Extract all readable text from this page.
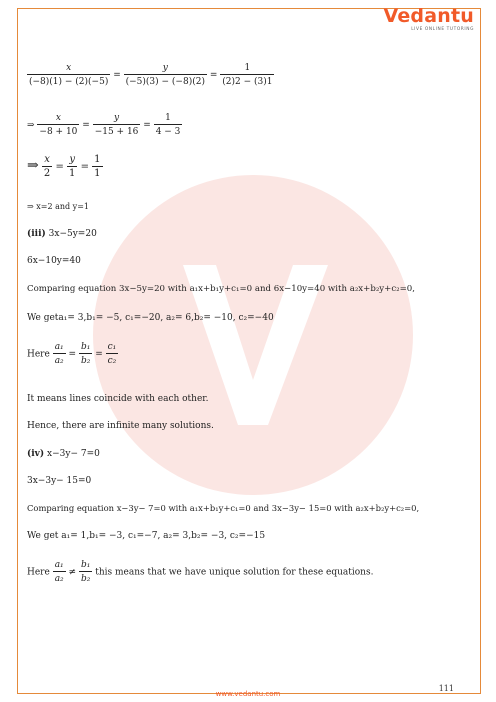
Vedantu
LIVE ONLINE TUTORING
$\frac{x}{(-8)(1) - (2)(-5)} = \frac{y}{(-5)(3) - (-8)(2)} = \frac{1}{(2)2 - (3)1}$
⇒ $\frac{x}{-8 + 10} = \frac{y}{-15 + 16} = \frac{1}{4 - 3}$
⇒ $\frac{x}{2} = \frac{y}{1} = \frac{1}{1}$
⇒ x=2 and y=1
(iii) 3x−5y=20
6x−10y=40
Comparing equation 3x−5y=20 with a₁x+b₁y+c₁=0 and 6x−10y=40 with a₂x+b₂y+c₂=0,
We geta₁= 3,b₁= −5, c₁=−20, a₂= 6,b₂= −10, c₂=−40
Here $\frac{\text{a₁}}{\text{a₂}} = \frac{\text{b₁}}{\text{b₂}} = \frac{\text{c₁}}{\text{c₂}}$
It means lines coincide with each other.
Hence, there are infinite many solutions.
(iv) x−3y− 7=0
3x−3y− 15=0
Comparing equation x−3y− 7=0 with a₁x+b₁y+c₁=0 and 3x−3y− 15=0 with a₂x+b₂y+c₂=0,
We get a₁= 1,b₁= −3, c₁=−7, a₂= 3,b₂= −3, c₂=−15
Here $\frac{\text{a₁}}{\text{a₂}} \ne \frac{\text{b₁}}{\text{b₂}}$ this means that we have unique solution for these equations.
111
www.vedantu.com
